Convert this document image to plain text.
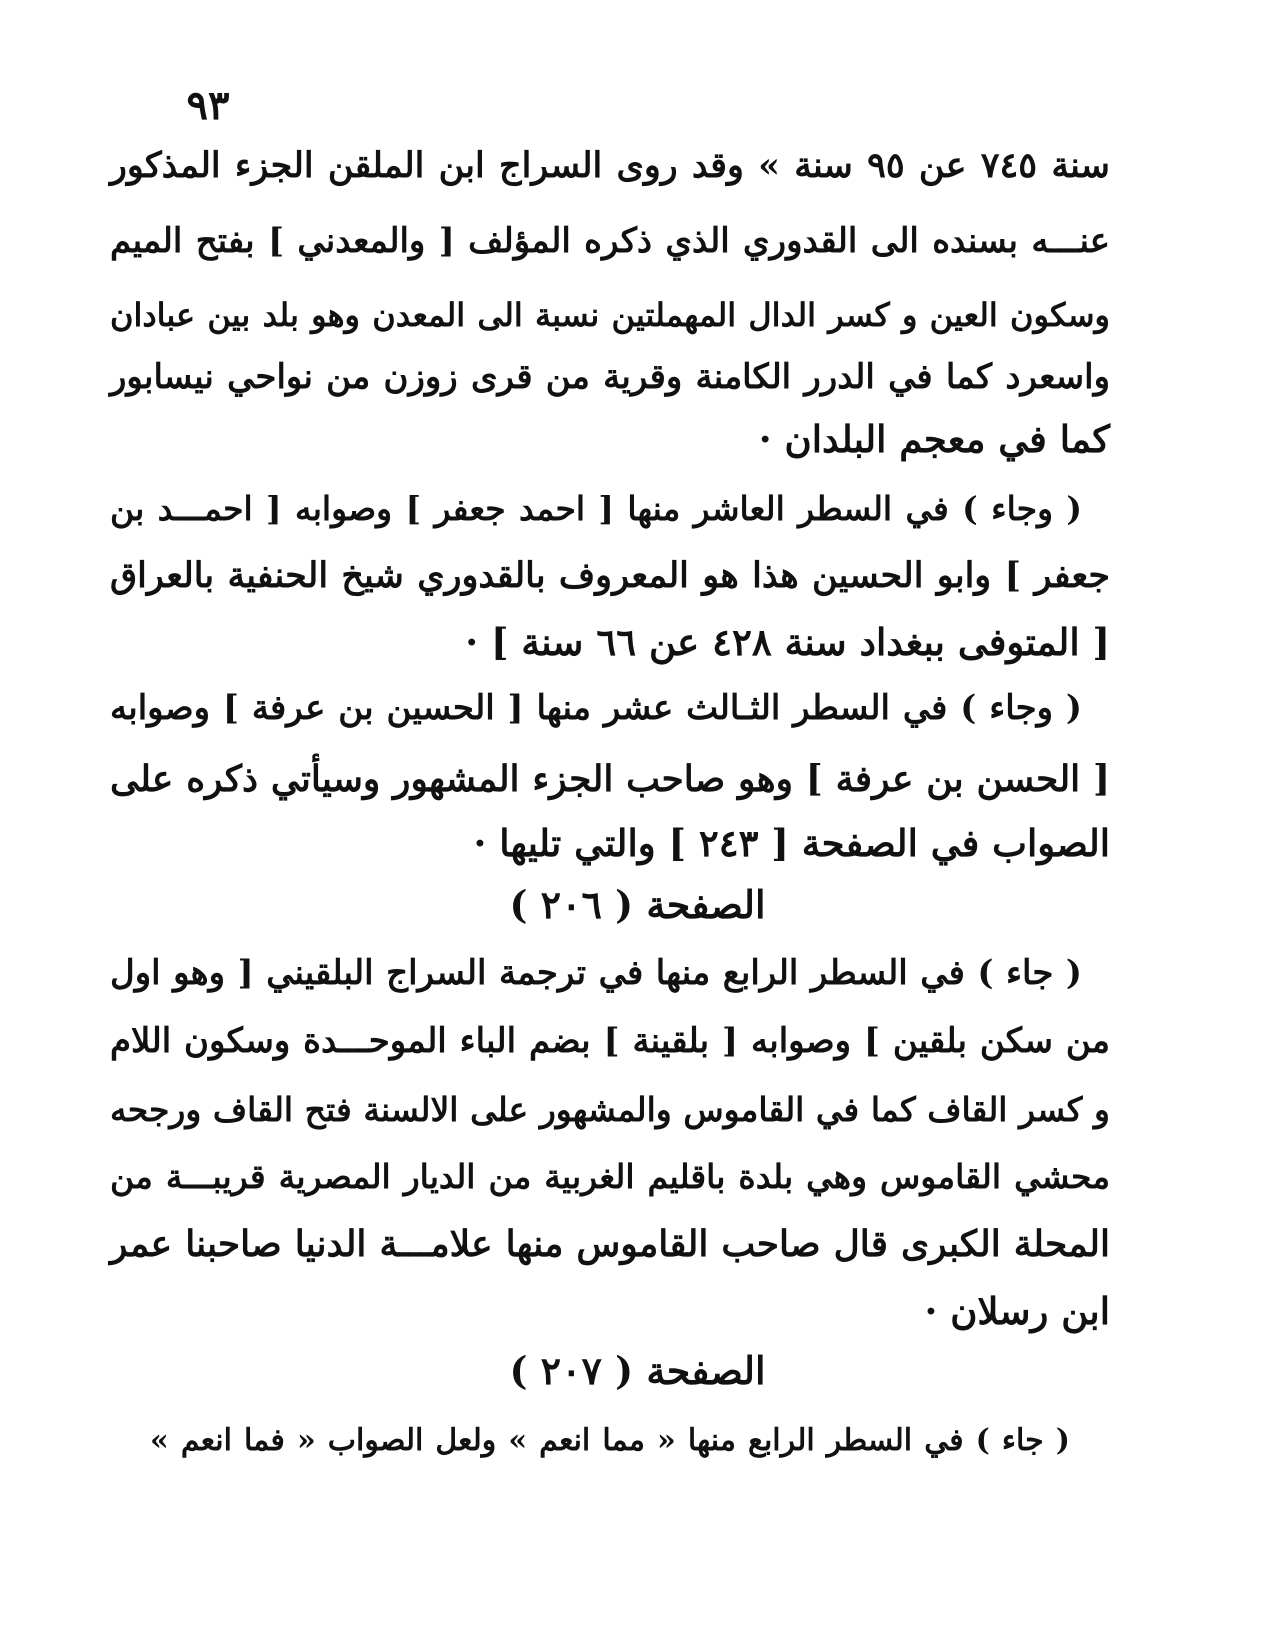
٩٣
سنة ٧٤٥ عن ٩٥ سنة » وقد روى السراج ابن الملقن الجزء المذكور
عنـــه بسنده الى القدوري الذي ذكره المؤلف [ والمعدني ] بفتح الميم
وسكون العين و كسر الدال المهملتين نسبة الى المعدن وهو بلد بين عبادان
واسعرد كما في الدرر الكامنة وقرية من قرى زوزن من نواحي نيسابور
كما في معجم البلدان ·
( وجاء ) في السطر العاشر منها [ احمد جعفر ] وصوابه [ احمـــد بن
جعفر ] وابو الحسين هذا هو المعروف بالقدوري شيخ الحنفية بالعراق
[ المتوفى ببغداد سنة ٤٢٨ عن ٦٦ سنة ] ·
( وجاء ) في السطر الثـالث عشر منها [ الحسين بن عرفة ] وصوابه
[ الحسن بن عرفة ] وهو صاحب الجزء المشهور وسيأتي ذكره على
الصواب في الصفحة [ ٢٤٣ ] والتي تليها ·
الصفحة ( ٢٠٦ )
( جاء ) في السطر الرابع منها في ترجمة السراج البلقيني [ وهو اول
من سكن بلقين ] وصوابه [ بلقينة ] بضم الباء الموحـــدة وسكون اللام
و كسر القاف كما في القاموس والمشهور على الالسنة فتح القاف ورجحه
محشي القاموس وهي بلدة باقليم الغربية من الديار المصرية قريبـــة من
المحلة الكبرى قال صاحب القاموس منها علامـــة الدنيا صاحبنا عمر
ابن رسلان ·
الصفحة ( ٢٠٧ )
( جاء ) في السطر الرابع منها « مما انعم » ولعل الصواب « فما انعم »
